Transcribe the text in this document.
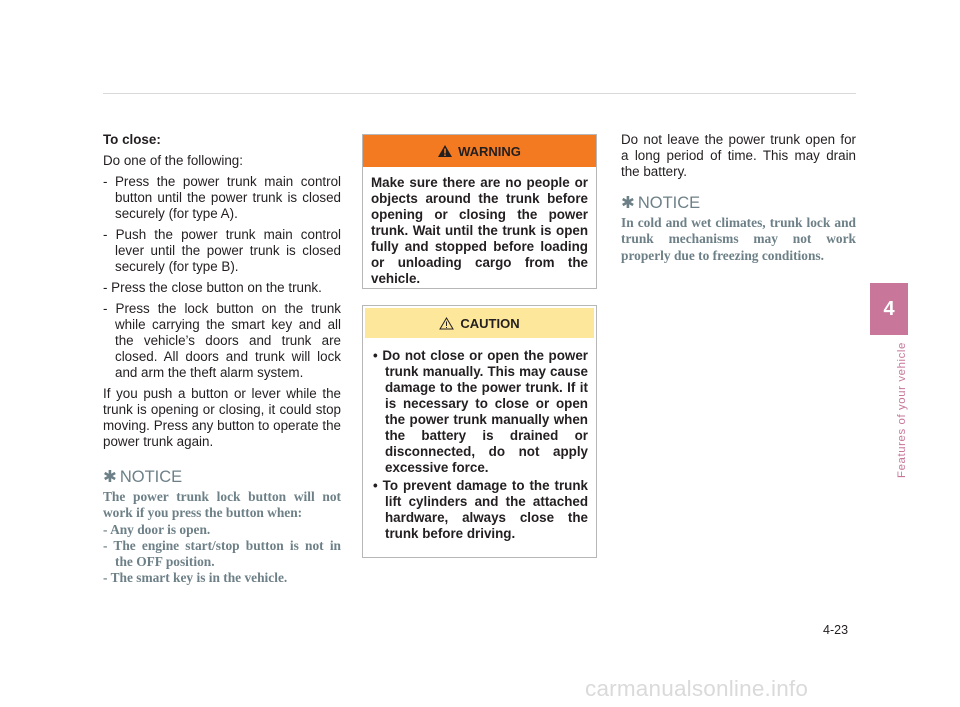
To close:

Do one of the following:

- Press the power trunk main control button until the power trunk is closed securely (for type A).
- Push the power trunk main control lever until the power trunk is closed securely (for type B).
- Press the close button on the trunk.
- Press the lock button on the trunk while carrying the smart key and all the vehicle’s doors and trunk are closed. All doors and trunk will lock and arm the theft alarm system.

If you push a button or lever while the trunk is opening or closing, it could stop moving. Press any button to operate the power trunk again.

✱ NOTICE
The power trunk lock button will not work if you press the button when:
- Any door is open.
- The engine start/stop button is not in the OFF position.
- The smart key is in the vehicle.
WARNING
Make sure there are no people or objects around the trunk before opening or closing the power trunk. Wait until the trunk is open fully and stopped before loading or unloading cargo from the vehicle.
CAUTION
• Do not close or open the power trunk manually. This may cause damage to the power trunk. If it is necessary to close or open the power trunk manually when the battery is drained or disconnected, do not apply excessive force.
• To prevent damage to the trunk lift cylinders and the attached hardware, always close the trunk before driving.

Do not leave the power trunk open for a long period of time. This may drain the battery.

✱ NOTICE
In cold and wet climates, trunk lock and trunk mechanisms may not work properly due to freezing conditions.
4
Features of your vehicle
4-23
carmanualsonline.info
